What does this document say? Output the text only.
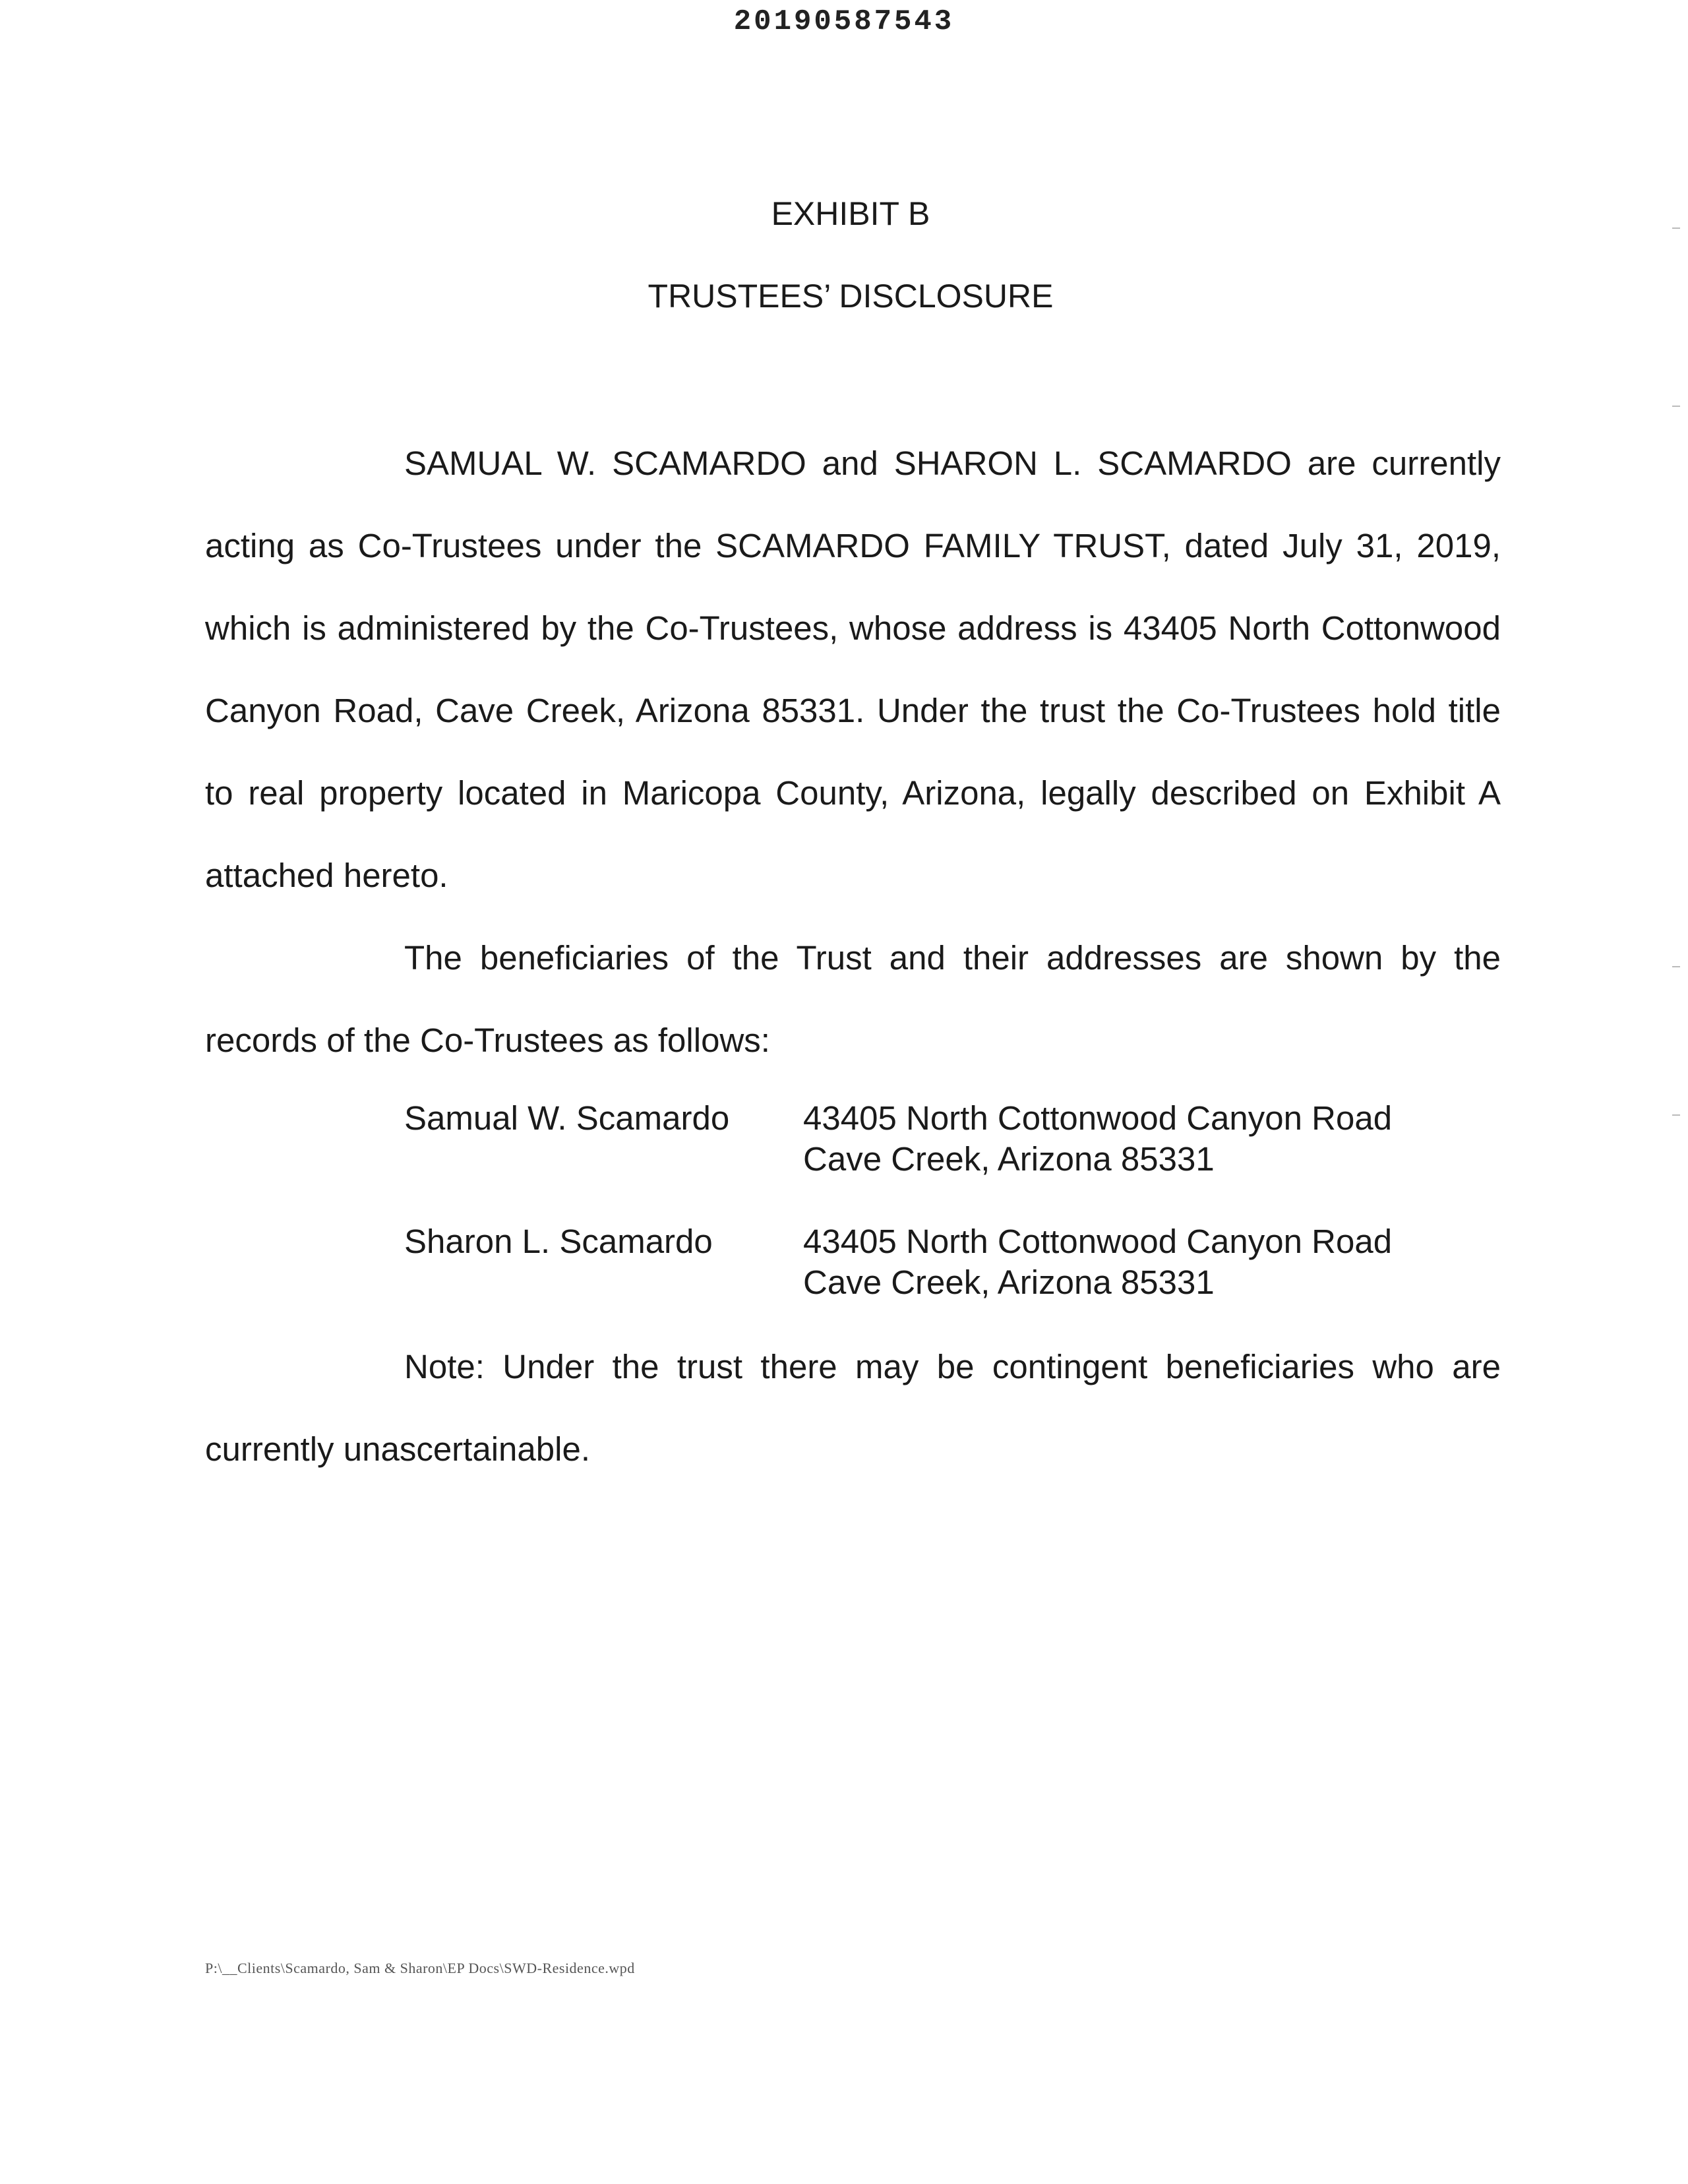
20190587543
EXHIBIT B
TRUSTEES’ DISCLOSURE
SAMUAL W. SCAMARDO and SHARON L. SCAMARDO are currently acting as Co-Trustees under the SCAMARDO FAMILY TRUST, dated July 31, 2019, which is administered by the Co-Trustees, whose address is 43405 North Cottonwood Canyon Road, Cave Creek, Arizona 85331. Under the trust the Co-Trustees hold title to real property located in Maricopa County, Arizona, legally described on Exhibit A attached hereto.
The beneficiaries of the Trust and their addresses are shown by the records of the Co-Trustees as follows:
Samual W. Scamardo 43405 North Cottonwood Canyon Road
Cave Creek, Arizona 85331
Sharon L. Scamardo	43405 North Cottonwood Canyon Road
Cave Creek, Arizona 85331
Note: Under the trust there may be contingent beneficiaries who are currently unascertainable.
P:\__Clients\Scamardo, Sam & Sharon\EP Docs\SWD-Residence.wpd
